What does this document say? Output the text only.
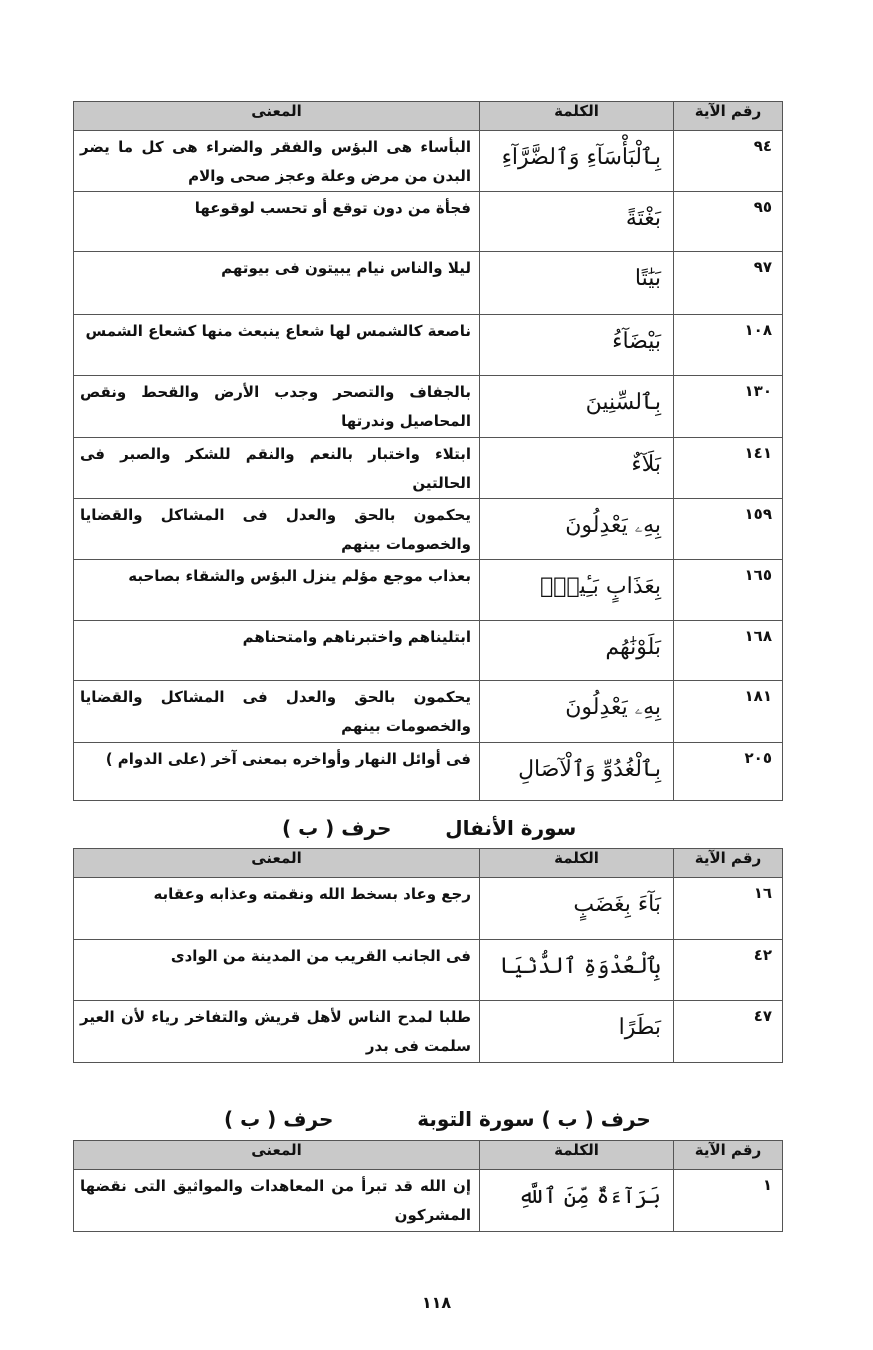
رقم الآية	الكلمة	المعنى
٩٤	بِٱلْبَأْسَآءِ وَٱلضَّرَّآءِ	البأساء هى البؤس والفقر والضراء هى كل ما يضر البدن من مرض وعلة وعجز صحى والام
٩٥	بَغْتَةً	فجأة من دون توقع أو تحسب لوقوعها
٩٧	بَيَٰتًا	ليلا والناس نيام يبيتون فى بيوتهم
١٠٨	بَيْضَآءُ	ناصعة كالشمس لها شعاع ينبعث منها كشعاع الشمس
١٣٠	بِٱلسِّنِينَ	بالجفاف والتصحر وجدب الأرض والقحط ونقص المحاصيل وندرتها
١٤١	بَلَآءٌ	ابتلاء واختبار بالنعم والنقم للشكر والصبر فى الحالتين
١٥٩	بِهِۦ يَعْدِلُونَ	يحكمون بالحق والعدل فى المشاكل والقضايا والخصومات بينهم
١٦٥	بِعَذَابٍ بَـِٔيسٍۭ	بعذاب موجع مؤلم ينزل البؤس والشقاء بصاحبه
١٦٨	بَلَوْنَٰهُم	ابتليناهم واختبرناهم وامتحناهم
١٨١	بِهِۦ يَعْدِلُونَ	يحكمون بالحق والعدل فى المشاكل والقضايا والخصومات بينهم
٢٠٥	بِٱلْغُدُوِّ وَٱلْآصَالِ	فى أوائل النهار وأواخره بمعنى آخر (على الدوام )
سورة الأنفال  حرف ( ب )
رقم الآية	الكلمة	المعنى
١٦	بَآءَ بِغَضَبٍ	رجع وعاد بسخط الله ونقمته وعذابه وعقابه
٤٢	بِٱلْعُدْوَةِ ٱلدُّنْيَا	فى الجانب القريب من المدينة من الوادى
٤٧	بَطَرًا	طلبا لمدح الناس لأهل قريش والتفاخر رياء لأن العير سلمت فى بدر
حرف ( ب ) سورة التوبة  حرف ( ب )
رقم الآية	الكلمة	المعنى
١	بَرَآءَةٌ مِّنَ ٱللَّهِ	إن الله قد تبرأ من المعاهدات والمواثيق التى نقضها المشركون
١١٨
